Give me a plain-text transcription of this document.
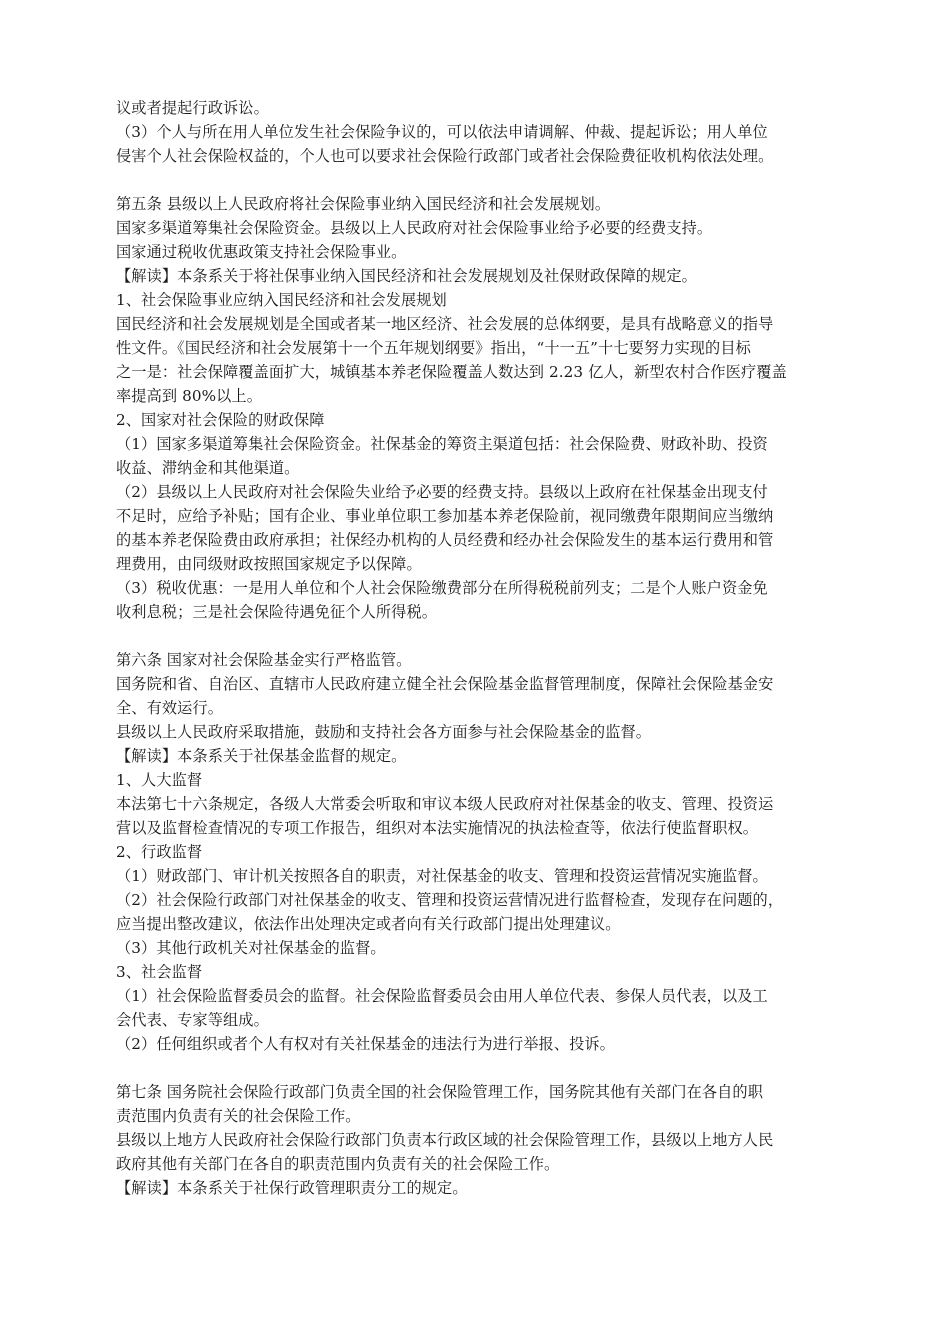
议或者提起行政诉讼。
（3）个人与所在用人单位发生社会保险争议的，可以依法申请调解、仲裁、提起诉讼；用人单位
侵害个人社会保险权益的，个人也可以要求社会保险行政部门或者社会保险费征收机构依法处理。
第五条 县级以上人民政府将社会保险事业纳入国民经济和社会发展规划。
国家多渠道筹集社会保险资金。县级以上人民政府对社会保险事业给予必要的经费支持。
国家通过税收优惠政策支持社会保险事业。
【解读】本条系关于将社保事业纳入国民经济和社会发展规划及社保财政保障的规定。
1、社会保险事业应纳入国民经济和社会发展规划
国民经济和社会发展规划是全国或者某一地区经济、社会发展的总体纲要，是具有战略意义的指导
性文件。《国民经济和社会发展第十一个五年规划纲要》指出，“十一五”十七要努力实现的目标
之一是：社会保障覆盖面扩大，城镇基本养老保险覆盖人数达到 2.23 亿人，新型农村合作医疗覆盖
率提高到 80%以上。
2、国家对社会保险的财政保障
（1）国家多渠道筹集社会保险资金。社保基金的筹资主渠道包括：社会保险费、财政补助、投资
收益、滞纳金和其他渠道。
（2）县级以上人民政府对社会保险失业给予必要的经费支持。县级以上政府在社保基金出现支付
不足时，应给予补贴；国有企业、事业单位职工参加基本养老保险前，视同缴费年限期间应当缴纳
的基本养老保险费由政府承担；社保经办机构的人员经费和经办社会保险发生的基本运行费用和管
理费用，由同级财政按照国家规定予以保障。
（3）税收优惠：一是用人单位和个人社会保险缴费部分在所得税税前列支；二是个人账户资金免
收利息税；三是社会保险待遇免征个人所得税。
第六条 国家对社会保险基金实行严格监管。
国务院和省、自治区、直辖市人民政府建立健全社会保险基金监督管理制度，保障社会保险基金安
全、有效运行。
县级以上人民政府采取措施，鼓励和支持社会各方面参与社会保险基金的监督。
【解读】本条系关于社保基金监督的规定。
1、人大监督
本法第七十六条规定，各级人大常委会听取和审议本级人民政府对社保基金的收支、管理、投资运
营以及监督检查情况的专项工作报告，组织对本法实施情况的执法检查等，依法行使监督职权。
2、行政监督
（1）财政部门、审计机关按照各自的职责，对社保基金的收支、管理和投资运营情况实施监督。
（2）社会保险行政部门对社保基金的收支、管理和投资运营情况进行监督检查，发现存在问题的，
应当提出整改建议，依法作出处理决定或者向有关行政部门提出处理建议。
（3）其他行政机关对社保基金的监督。
3、社会监督
（1）社会保险监督委员会的监督。社会保险监督委员会由用人单位代表、参保人员代表，以及工
会代表、专家等组成。
（2）任何组织或者个人有权对有关社保基金的违法行为进行举报、投诉。
第七条 国务院社会保险行政部门负责全国的社会保险管理工作，国务院其他有关部门在各自的职
责范围内负责有关的社会保险工作。
县级以上地方人民政府社会保险行政部门负责本行政区域的社会保险管理工作，县级以上地方人民
政府其他有关部门在各自的职责范围内负责有关的社会保险工作。
【解读】本条系关于社保行政管理职责分工的规定。
